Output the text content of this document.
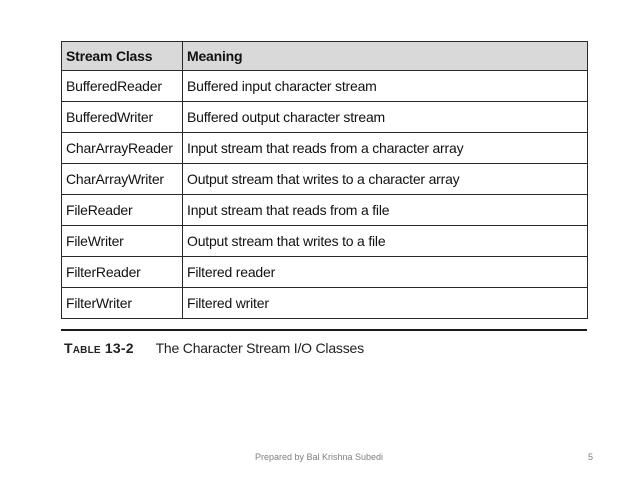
Stream Class	Meaning
BufferedReader	Buffered input character stream
BufferedWriter	Buffered output character stream
CharArrayReader	Input stream that reads from a character array
CharArrayWriter	Output stream that writes to a character array
FileReader	Input stream that reads from a file
FileWriter	Output stream that writes to a file
FilterReader	Filtered reader
FilterWriter	Filtered writer
Table 13-2 The Character Stream I/O Classes
Prepared by Bal Krishna Subedi	5
